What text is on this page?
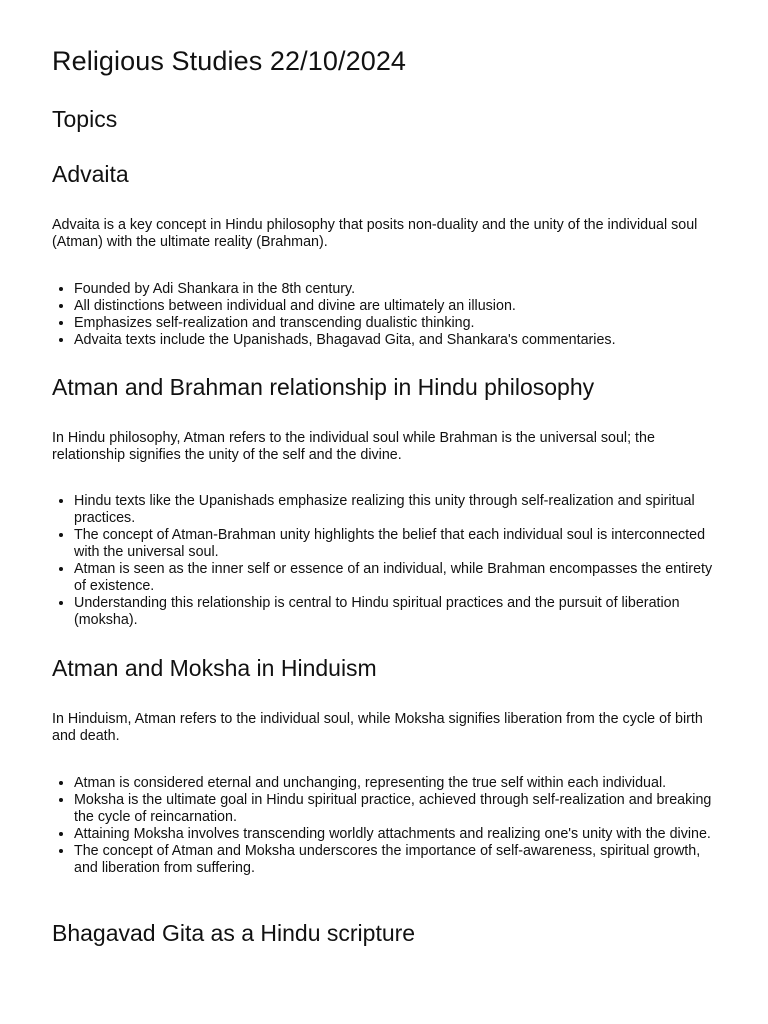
Religious Studies 22/10/2024
Topics
Advaita

Advaita is a key concept in Hindu philosophy that posits non-duality and the unity of the individual soul (Atman) with the ultimate reality (Brahman).

• Founded by Adi Shankara in the 8th century.
• All distinctions between individual and divine are ultimately an illusion.
• Emphasizes self-realization and transcending dualistic thinking.
• Advaita texts include the Upanishads, Bhagavad Gita, and Shankara's commentaries.
Atman and Brahman relationship in Hindu philosophy

In Hindu philosophy, Atman refers to the individual soul while Brahman is the universal soul; the relationship signifies the unity of the self and the divine.

• Hindu texts like the Upanishads emphasize realizing this unity through self-realization and spiritual practices.
• The concept of Atman-Brahman unity highlights the belief that each individual soul is interconnected with the universal soul.
• Atman is seen as the inner self or essence of an individual, while Brahman encompasses the entirety of existence.
• Understanding this relationship is central to Hindu spiritual practices and the pursuit of liberation (moksha).
Atman and Moksha in Hinduism

In Hinduism, Atman refers to the individual soul, while Moksha signifies liberation from the cycle of birth and death.

• Atman is considered eternal and unchanging, representing the true self within each individual.
• Moksha is the ultimate goal in Hindu spiritual practice, achieved through self-realization and breaking the cycle of reincarnation.
• Attaining Moksha involves transcending worldly attachments and realizing one's unity with the divine.
• The concept of Atman and Moksha underscores the importance of self-awareness, spiritual growth, and liberation from suffering.
Bhagavad Gita as a Hindu scripture
